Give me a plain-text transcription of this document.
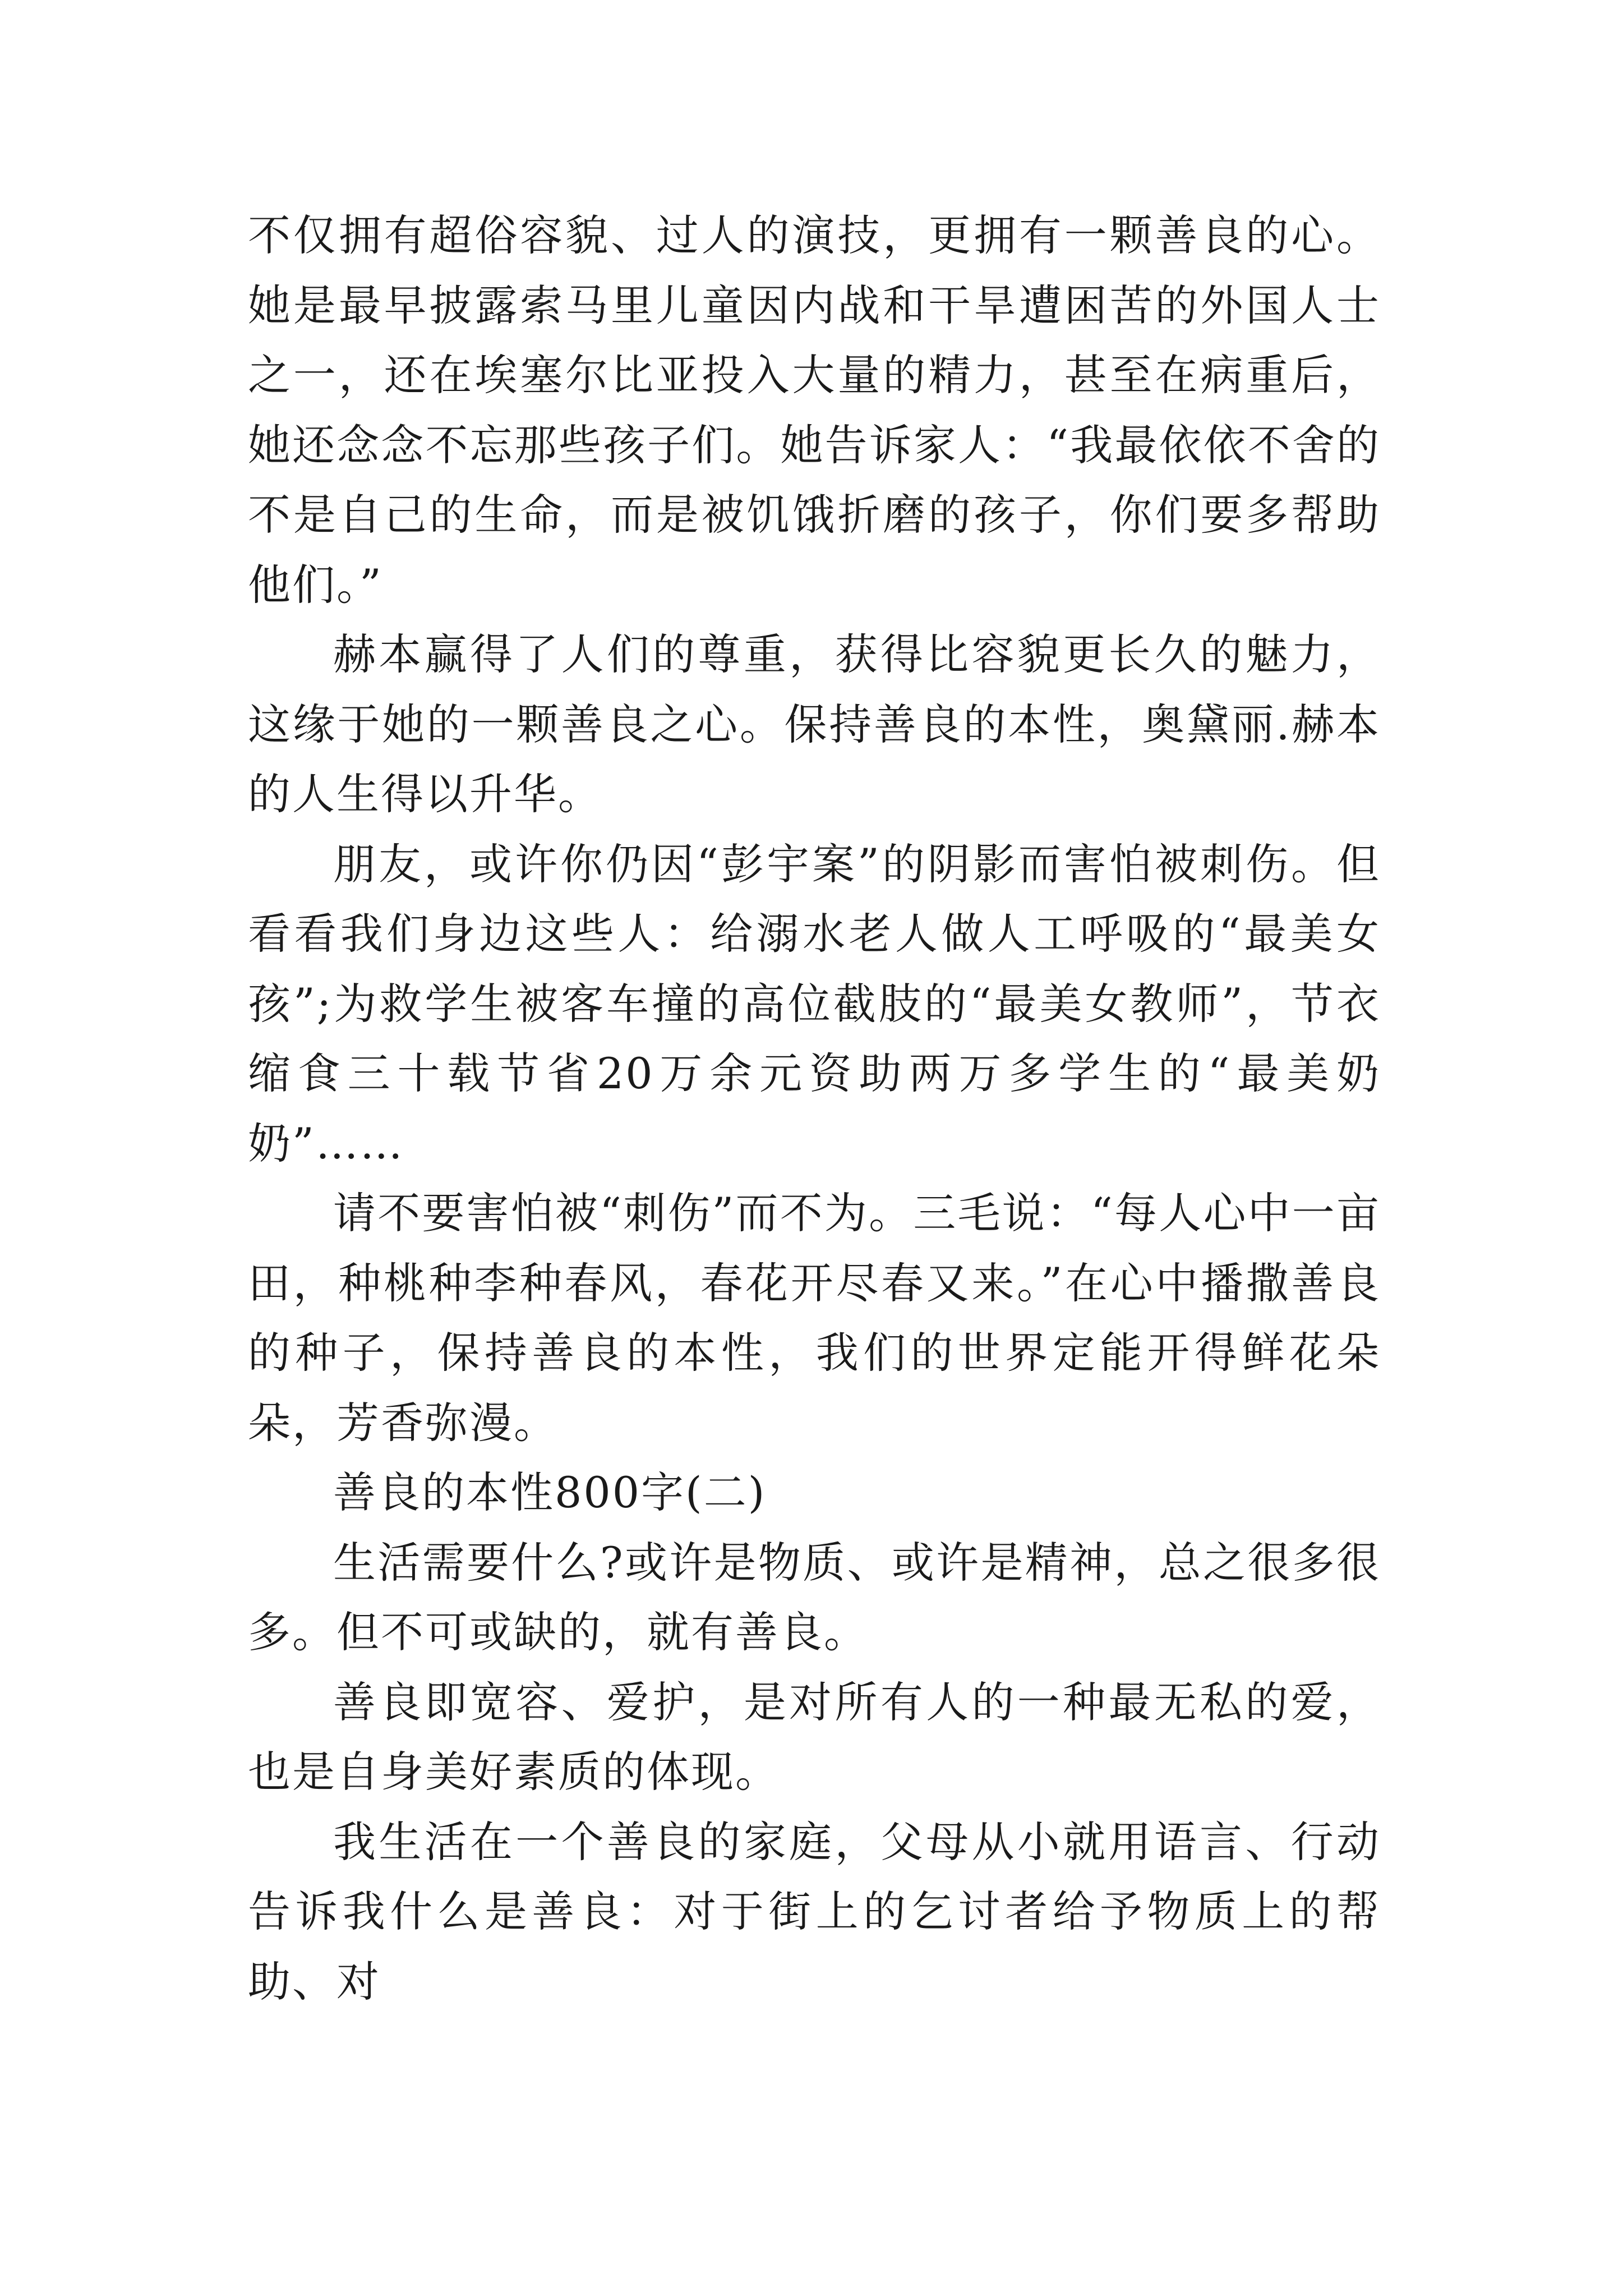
不仅拥有超俗容貌、过人的演技，更拥有一颗善良的心。她是最早披露索马里儿童因内战和干旱遭困苦的外国人士之一，还在埃塞尔比亚投入大量的精力，甚至在病重后，她还念念不忘那些孩子们。她告诉家人：“我最依依不舍的不是自己的生命，而是被饥饿折磨的孩子，你们要多帮助他们。”

赫本赢得了人们的尊重，获得比容貌更长久的魅力，这缘于她的一颗善良之心。保持善良的本性，奥黛丽.赫本的人生得以升华。

朋友，或许你仍因“彭宇案”的阴影而害怕被刺伤。但看看我们身边这些人：给溺水老人做人工呼吸的“最美女孩”;为救学生被客车撞的高位截肢的“最美女教师”，节衣缩食三十载节省20万余元资助两万多学生的“最美奶奶”……

请不要害怕被“刺伤”而不为。三毛说：“每人心中一亩田，种桃种李种春风，春花开尽春又来。”在心中播撒善良的种子，保持善良的本性，我们的世界定能开得鲜花朵朵，芳香弥漫。

善良的本性800字(二)

生活需要什么?或许是物质、或许是精神，总之很多很多。但不可或缺的，就有善良。

善良即宽容、爱护，是对所有人的一种最无私的爱，也是自身美好素质的体现。

我生活在一个善良的家庭，父母从小就用语言、行动告诉我什么是善良：对于街上的乞讨者给予物质上的帮助、对
